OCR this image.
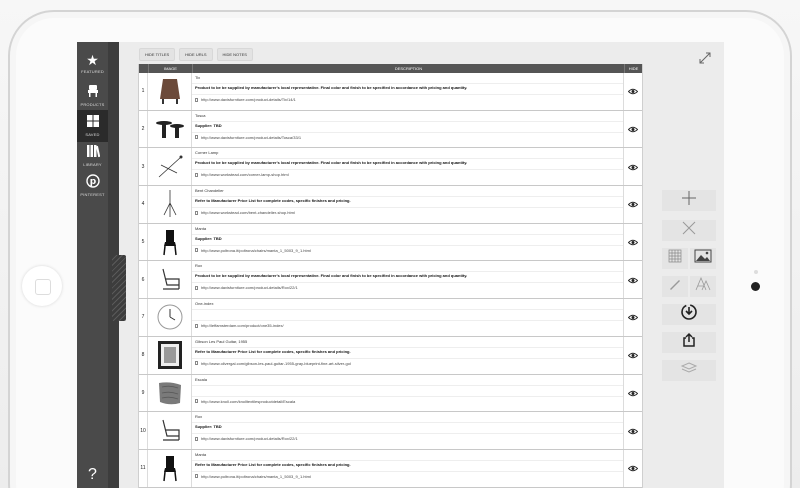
★
FEATURED
PRODUCTS
SAVED
LIBRARY
p
PINTEREST
?
HIDE TITLES	HIDE URLS	HIDE NOTES
IMAGE	DESCRIPTION	HIDE
1
Tix
Product to be be supplied by manufacturer's local representative. Final color and finish to be specified in accordance with pricing and quantity.
http://www.davisfurniture.com/product-details/Tix/14/1
2
Tosca
Supplier: TBD
http://www.davisfurniture.com/product-details/Tosca/33/1
3
Corner Lamp
Product to be be supplied by manufacturer's local representative. Final color and finish to be specified in accordance with pricing and quantity.
http://www.workstead.com/corner-lamp-shop.html
4
Bent Chandelier
Refer to Manufacturer Price List for complete codes, specific finishes and pricing.
http://www.workstead.com/bent-chandelier-shop.html
5
Manta
Supplier: TBD
http://www.poltrona.it/poltrona/chairs/manta_1_5003_9_1.html
6
Rox
Product to be be supplied by manufacturer's local representative. Final color and finish to be specified in accordance with pricing and quantity.
http://www.davisfurniture.com/product-details/Rox/22/1
7
One-index
http://leffamsterdam.com/product/one35-index/
8
Gibson Les Paul Guitar, 1955
Refer to Manufacturer Price List for complete codes, specific finishes and pricing.
http://www.olivergal.com/gibson-les-paul-guitar-1955-gray-blueprint-fine-art-silver-gol
9
Escala
http://www.knoll.com/knolltextilesproductdetail/Escala
10
Rox
Supplier: TBD
http://www.davisfurniture.com/product-details/Rox/22/1
11
Manta
Refer to Manufacturer Price List for complete codes, specific finishes and pricing.
http://www.poltrona.it/poltrona/chairs/manta_1_5003_9_1.html
